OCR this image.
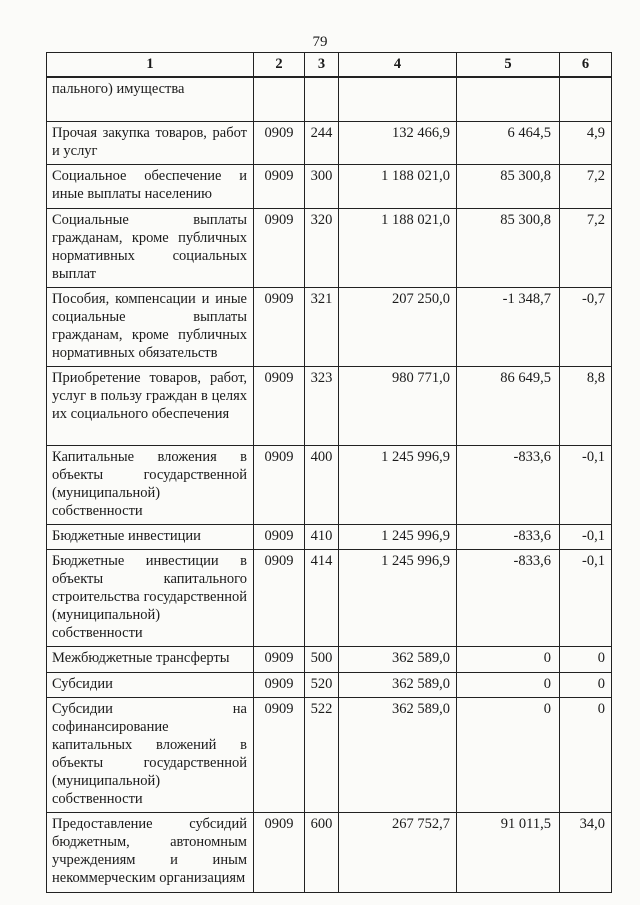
79
1	2	3	4	5	6
пального) имущества					
Прочая закупка товаров, работ и услуг	0909	244	132 466,9	6 464,5	4,9
Социальное обеспечение и иные выплаты населению	0909	300	1 188 021,0	85 300,8	7,2
Социальные выплаты гражданам, кроме публичных нормативных социальных выплат	0909	320	1 188 021,0	85 300,8	7,2
Пособия, компенсации и иные социальные выплаты гражданам, кроме публичных нормативных обязательств	0909	321	207 250,0	-1 348,7	-0,7
Приобретение товаров, работ, услуг в пользу граждан в целях их социального обеспечения	0909	323	980 771,0	86 649,5	8,8
Капитальные вложения в объекты государственной (муниципальной) собственности	0909	400	1 245 996,9	-833,6	-0,1
Бюджетные инвестиции	0909	410	1 245 996,9	-833,6	-0,1
Бюджетные инвестиции в объекты капитального строительства государственной (муниципальной) собственности	0909	414	1 245 996,9	-833,6	-0,1
Межбюджетные трансферты	0909	500	362 589,0	0	0
Субсидии	0909	520	362 589,0	0	0
Субсидии на софинансирование капитальных вложений в объекты государственной (муниципальной) собственности	0909	522	362 589,0	0	0
Предоставление субсидий бюджетным, автономным учреждениям и иным некоммерческим организациям	0909	600	267 752,7	91 011,5	34,0
